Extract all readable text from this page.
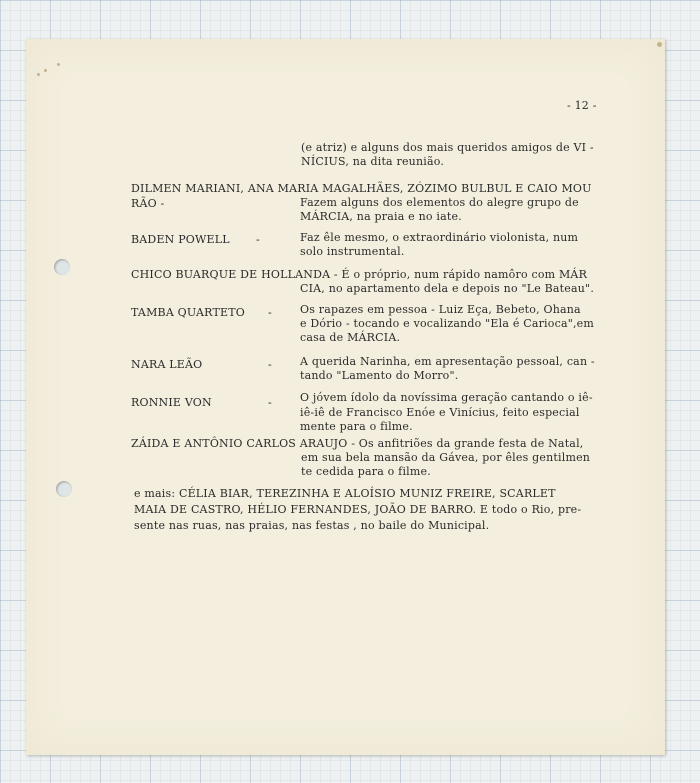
- 12 -
(e atriz) e alguns dos mais queridos amigos de VI -
NÍCIUS, na dita reunião.
DILMEN MARIANI, ANA MARIA MAGALHÃES, ZÓZIMO BULBUL E CAIO MOU
RÃO -	Fazem alguns dos elementos do alegre grupo de
MÁRCIA, na praia e no iate.
BADEN POWELL -	Faz êle mesmo, o extraordinário violonista, num
solo instrumental.
CHICO BUARQUE DE HOLLANDA - É o próprio, num rápido namôro com MÁR
CIA, no apartamento dela e depois no "Le Bateau".
TAMBA QUARTETO -	Os rapazes em pessoa - Luiz Eça, Bebeto, Ohana
e Dório - tocando e vocalizando "Ela é Carioca",em
casa de MÁRCIA.
NARA LEÃO	-	A querida Narinha, em apresentação pessoal, can -
tando "Lamento do Morro".
RONNIE VON	-	O jóvem ídolo da novíssima geração cantando o iê-
iê-iê de Francisco Enóe e Vinícius, feito especial
mente para o filme.
ZÁIDA E ANTÔNIO CARLOS ARAUJO - Os anfitriões da grande festa de Natal,
em sua bela mansão da Gávea, por êles gentilmen
te cedida para o filme.
e mais: CÉLIA BIAR, TEREZINHA E ALOÍSIO MUNIZ FREIRE, SCARLET
MAIA DE CASTRO, HÉLIO FERNANDES, JOÃO DE BARRO. E todo o Rio, pre-
sente nas ruas, nas praias, nas festas , no baile do Municipal.
